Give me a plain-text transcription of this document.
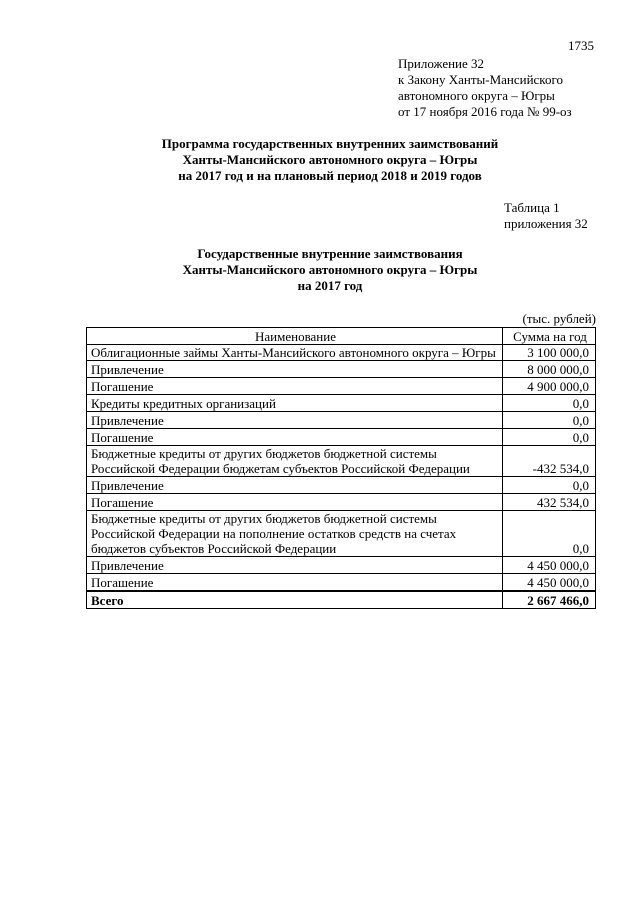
1735
Приложение 32
к Закону Ханты-Мансийского
автономного округа – Югры
от 17 ноября 2016 года № 99-оз
Программа государственных внутренних заимствований
Ханты-Мансийского автономного округа – Югры
на 2017 год и на плановый период 2018 и 2019 годов
Таблица 1
приложения 32
Государственные внутренние заимствования
Ханты-Мансийского автономного округа – Югры
на 2017 год
(тыс. рублей)
Наименование	Сумма на год
Облигационные займы Ханты-Мансийского автономного округа – Югры	3 100 000,0
Привлечение	8 000 000,0
Погашение	4 900 000,0
Кредиты кредитных организаций	0,0
Привлечение	0,0
Погашение	0,0
Бюджетные кредиты от других бюджетов бюджетной системы Российской Федерации бюджетам субъектов Российской Федерации	-432 534,0
Привлечение	0,0
Погашение	432 534,0
Бюджетные кредиты от других бюджетов бюджетной системы Российской Федерации на пополнение остатков средств на счетах бюджетов субъектов Российской Федерации	0,0
Привлечение	4 450 000,0
Погашение	4 450 000,0
Всего	2 667 466,0
